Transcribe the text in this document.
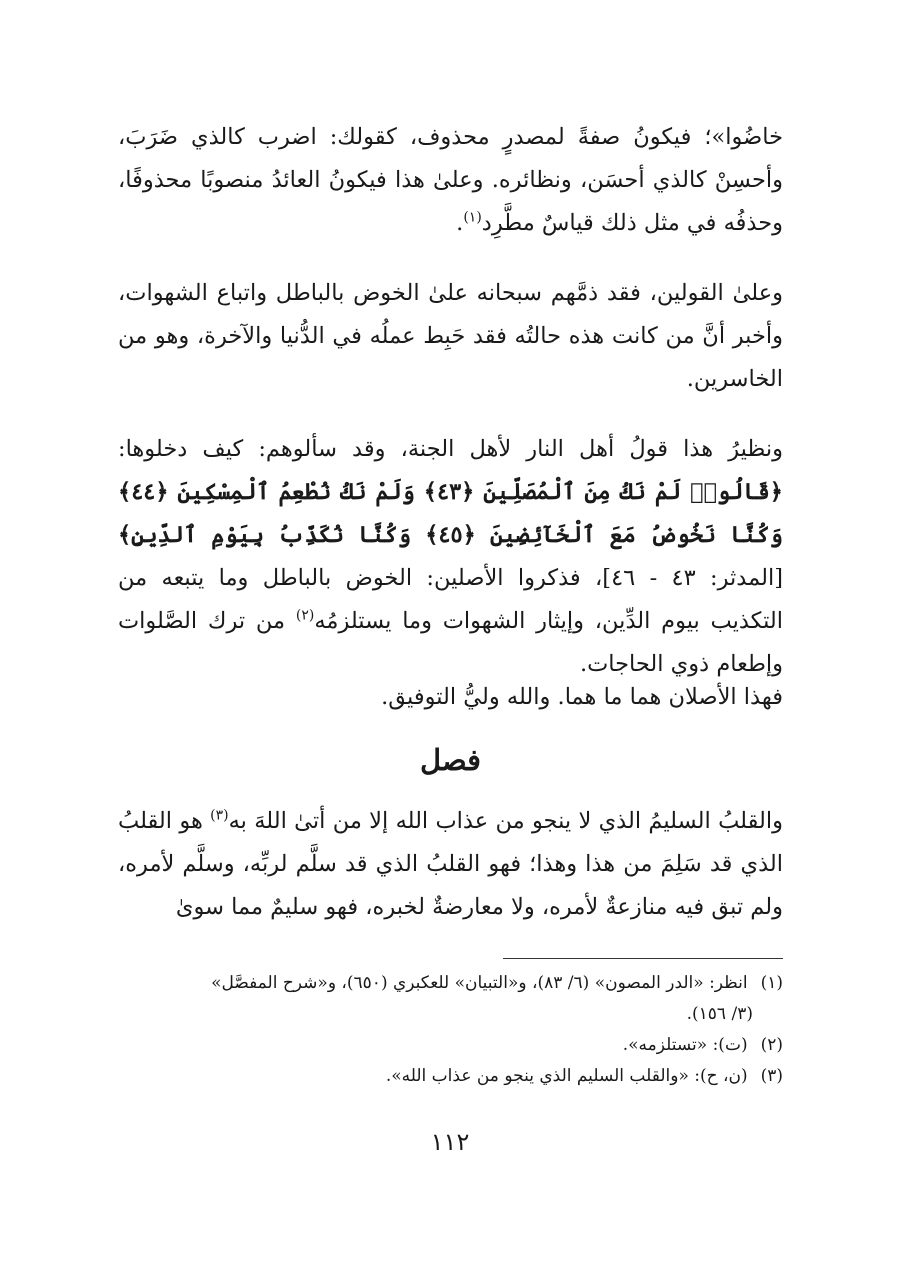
خاضُوا»؛ فيكونُ صفةً لمصدرٍ محذوف، كقولك: اضرب كالذي ضَرَبَ، وأحسِنْ كالذي أحسَن، ونظائره. وعلىٰ هذا فيكونُ العائدُ منصوبًا محذوفًا، وحذفُه في مثل ذلك قياسٌ مطَّرِد$^{(١)}$.
وعلىٰ القولين، فقد ذمَّهم سبحانه علىٰ الخوض بالباطل واتباع الشهوات، وأخبر أنَّ من كانت هذه حالتُه فقد حَبِط عملُه في الدُّنيا والآخرة، وهو من الخاسرين.
ونظيرُ هذا قولُ أهل النار لأهل الجنة، وقد سألوهم: كيف دخلوها: ﴿قَالُوا۟ لَمْ نَكُ مِنَ ٱلْمُصَلِّينَ ﴿٤٣﴾ وَلَمْ نَكُ نُطْعِمُ ٱلْمِسْكِينَ ﴿٤٤﴾ وَكُنَّا نَخُوضُ مَعَ ٱلْخَآئِضِينَ ﴿٤٥﴾ وَكُنَّا نُكَذِّبُ بِيَوْمِ ٱلدِّينِ﴾ [المدثر: ٤٣ - ٤٦]، فذكروا الأصلين: الخوض بالباطل وما يتبعه من التكذيب بيوم الدِّين، وإيثار الشهوات وما يستلزمُه$^{(٢)}$ من ترك الصَّلوات وإطعام ذوي الحاجات.
فهذا الأصلان هما ما هما. والله وليُّ التوفيق.
فصل
والقلبُ السليمُ الذي لا ينجو من عذاب الله إلا من أتىٰ اللهَ به$^{(٣)}$ هو القلبُ الذي قد سَلِمَ من هذا وهذا؛ فهو القلبُ الذي قد سلَّم لربِّه، وسلَّم لأمره، ولم تبق فيه منازعةٌ لأمره، ولا معارضةٌ لخبره، فهو سليمٌ مما سوىٰ

(١) انظر: «الدر المصون» (٦/ ٨٣)، و«التبيان» للعكبري (٦٥٠)، و«شرح المفصَّل»

(٣/ ١٥٦).

(٢) (ت): «تستلزمه».

(٣) (ن، ح): «والقلب السليم الذي ينجو من عذاب الله».

١١٢
